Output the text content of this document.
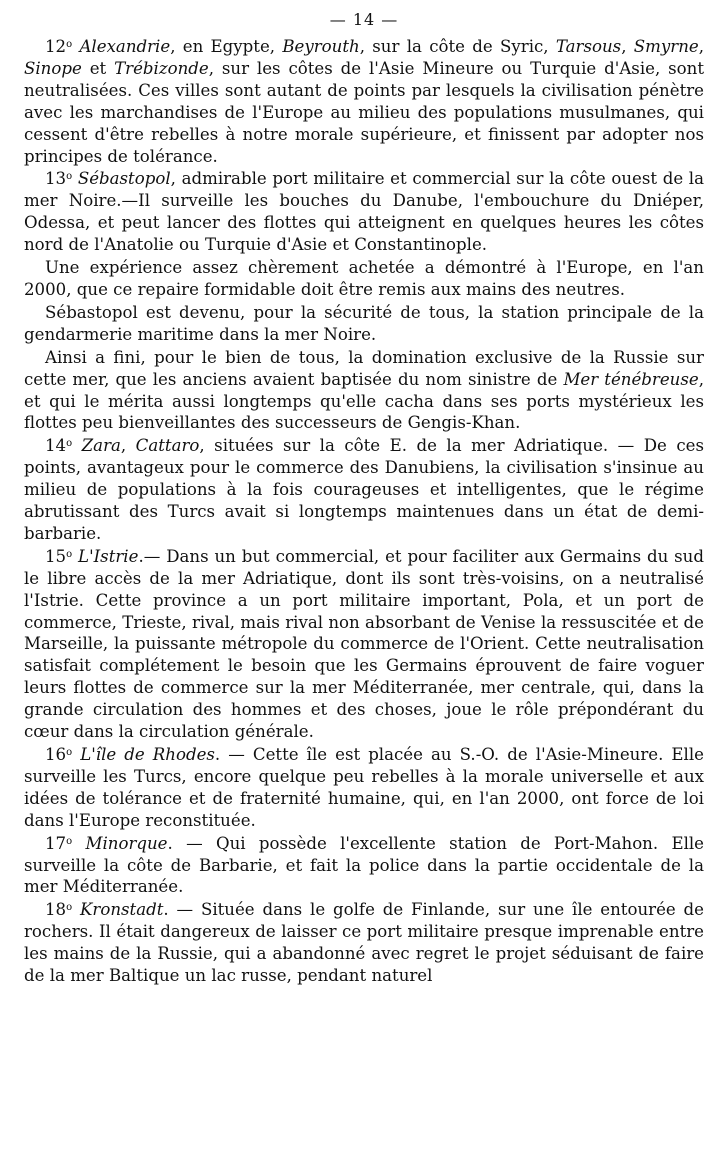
— 14 —

12$^o$ Alexandrie, en Egypte, Beyrouth, sur la côte de Syric, Tarsous, Smyrne, Sinope et Trébizonde, sur les côtes de l'Asie Mineure ou Turquie d'Asie, sont neutralisées. Ces villes sont autant de points par lesquels la civilisation pénètre avec les marchandises de l'Europe au milieu des populations musulmanes, qui cessent d'être rebelles à notre morale supérieure, et finissent par adopter nos principes de tolérance.

13$^o$ Sébastopol, admirable port militaire et commercial sur la côte ouest de la mer Noire.—Il surveille les bouches du Danube, l'embouchure du Dniéper, Odessa, et peut lancer des flottes qui atteignent en quelques heures les côtes nord de l'Anatolie ou Turquie d'Asie et Constantinople.

Une expérience assez chèrement achetée a démontré à l'Europe, en l'an 2000, que ce repaire formidable doit être remis aux mains des neutres.

Sébastopol est devenu, pour la sécurité de tous, la station principale de la gendarmerie maritime dans la mer Noire.

Ainsi a fini, pour le bien de tous, la domination exclusive de la Russie sur cette mer, que les anciens avaient baptisée du nom sinistre de Mer ténébreuse, et qui le mérita aussi longtemps qu'elle cacha dans ses ports mystérieux les flottes peu bienveillantes des successeurs de Gengis-Khan.

14$^o$ Zara, Cattaro, situées sur la côte E. de la mer Adriatique. — De ces points, avantageux pour le commerce des Danubiens, la civilisation s'insinue au milieu de populations à la fois courageuses et intelligentes, que le régime abrutissant des Turcs avait si longtemps maintenues dans un état de demi-barbarie.

15$^o$ L'Istrie.— Dans un but commercial, et pour faciliter aux Germains du sud le libre accès de la mer Adriatique, dont ils sont très-voisins, on a neutralisé l'Istrie. Cette province a un port militaire important, Pola, et un port de commerce, Trieste, rival, mais rival non absorbant de Venise la ressuscitée et de Marseille, la puissante métropole du commerce de l'Orient. Cette neutralisation satisfait complétement le besoin que les Germains éprouvent de faire voguer leurs flottes de commerce sur la mer Méditerranée, mer centrale, qui, dans la grande circulation des hommes et des choses, joue le rôle prépondérant du cœur dans la circulation générale.

16$^o$ L'île de Rhodes. — Cette île est placée au S.-O. de l'Asie-Mineure. Elle surveille les Turcs, encore quelque peu rebelles à la morale universelle et aux idées de tolérance et de fraternité humaine, qui, en l'an 2000, ont force de loi dans l'Europe reconstituée.

17$^o$ Minorque. — Qui possède l'excellente station de Port-Mahon. Elle surveille la côte de Barbarie, et fait la police dans la partie occidentale de la mer Méditerranée.

18$^o$ Kronstadt. — Située dans le golfe de Finlande, sur une île entourée de rochers. Il était dangereux de laisser ce port militaire presque imprenable entre les mains de la Russie, qui a abandonné avec regret le projet séduisant de faire de la mer Baltique un lac russe, pendant naturel
